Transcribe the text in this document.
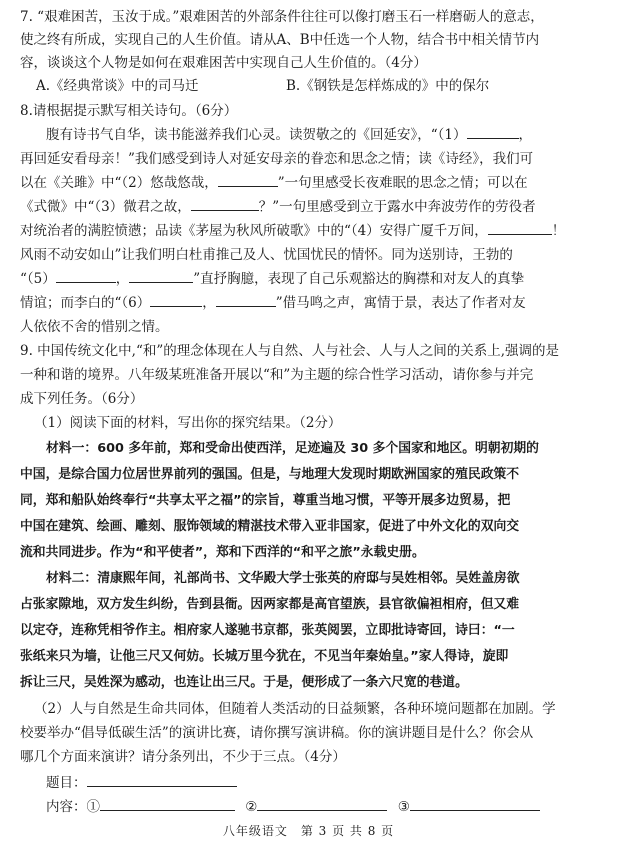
7. “艰难困苦，玉汝于成。”艰难困苦的外部条件往往可以像打磨玉石一样磨砺人的意志，
使之终有所成，实现自己的人生价值。请从A、B中任选一个人物，结合书中相关情节内
容，谈谈这个人物是如何在艰难困苦中实现自己人生价值的。（4分）
A.《经典常谈》中的司马迁	B.《钢铁是怎样炼成的》中的保尔
8.请根据提示默写相关诗句。（6分）
腹有诗书气自华，读书能滋养我们心灵。读贺敬之的《回延安》，“（1）	，
再回延安看母亲！”我们感受到诗人对延安母亲的眷恋和思念之情；读《诗经》，我们可
以在《关雎》中“（2）悠哉悠哉，	”一句里感受长夜难眠的思念之情；可以在
《式微》中“（3）微君之故，	？”一句里感受到立于露水中奔波劳作的劳役者
对统治者的满腔愤懑；品读《茅屋为秋风所破歌》中的“（4）安得广厦千万间，	！
风雨不动安如山”让我们明白杜甫推己及人、忧国忧民的情怀。同为送别诗，王勃的
“（5）	，	”直抒胸臆，表现了自己乐观豁达的胸襟和对友人的真挚
情谊；而李白的“（6）	，	”借马鸣之声，寓情于景，表达了作者对友
人依依不舍的惜别之情。
9. 中国传统文化中,“和”的理念体现在人与自然、人与社会、人与人之间的关系上,强调的是
一种和谐的境界。八年级某班准备开展以“和”为主题的综合性学习活动，请你参与并完
成下列任务。（6分）
（1）阅读下面的材料，写出你的探究结果。（2分）
材料一：600 多年前，郑和受命出使西洋，足迹遍及 30 多个国家和地区。明朝初期的
中国，是综合国力位居世界前列的强国。但是，与地理大发现时期欧洲国家的殖民政策不
同，郑和船队始终奉行“共享太平之福”的宗旨，尊重当地习惯，平等开展多边贸易，把
中国在建筑、绘画、雕刻、服饰领域的精湛技术带入亚非国家，促进了中外文化的双向交
流和共同进步。作为“和平使者”，郑和下西洋的“和平之旅”永载史册。
材料二：清康熙年间，礼部尚书、文华殿大学士张英的府邸与吴姓相邻。吴姓盖房欲
占张家隙地，双方发生纠纷，告到县衙。因两家都是高官望族，县官欲偏袒相府，但又难
以定夺，连称凭相爷作主。相府家人遂驰书京都，张英阅罢，立即批诗寄回，诗曰：“一
张纸来只为墙，让他三尺又何妨。长城万里今犹在，不见当年秦始皇。”家人得诗，旋即
拆让三尺，吴姓深为感动，也连让出三尺。于是，便形成了一条六尺宽的巷道。
（2）人与自然是生命共同体，但随着人类活动的日益频繁，各种环境问题都在加剧。学
校要举办“倡导低碳生活”的演讲比赛，请你撰写演讲稿。你的演讲题目是什么？你会从
哪几个方面来演讲？请分条列出，不少于三点。（4分）
题目：
内容：①	②	③
八年级语文　第 3 页 共 8 页
